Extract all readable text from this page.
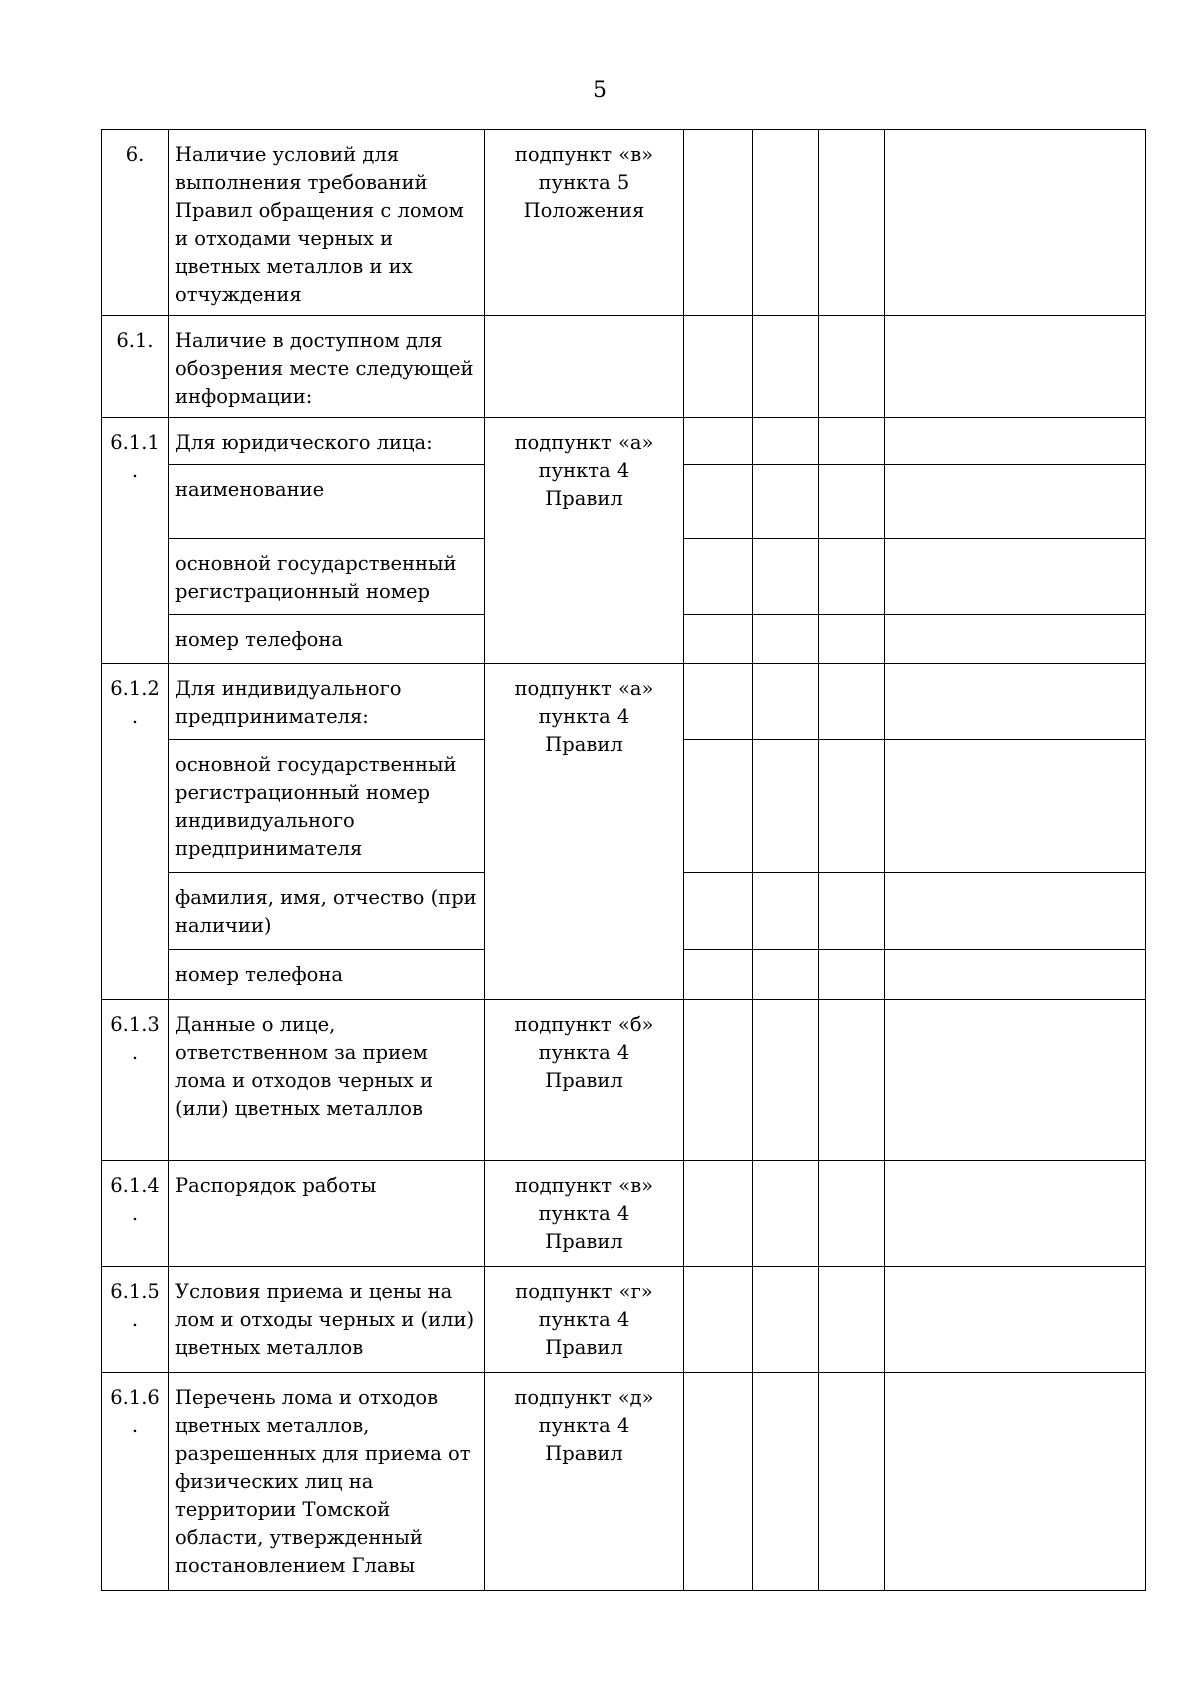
5
6.	Наличие условий для выполнения требований Правил обращения с ломом и отходами черных и цветных металлов и их отчуждения	подпункт «в»
пункта 5
Положения				

6.1.	Наличие в доступном для обозрения месте следующей информации:					
6.1.1.	Для юридического лица:	подпункт «а»
пункта 4
Правил				

	наименование					
	основной государственный регистрационный номер					
	номер телефона					
6.1.2.	Для индивидуального предпринимателя:	подпункт «а»
пункта 4
Правил				

	основной государственный регистрационный номер индивидуального предпринимателя					
	фамилия, имя, отчество (при наличии)					
	номер телефона					
6.1.3.	Данные о лице, ответственном за прием лома и отходов черных и (или) цветных металлов	подпункт «б»
пункта 4
Правил				

6.1.4.	Распорядок работы	подпункт «в»
пункта 4
Правил				

6.1.5.	Условия приема и цены на лом и отходы черных и (или) цветных металлов	подпункт «г»
пункта 4
Правил				

6.1.6.	Перечень лома и отходов цветных металлов, разрешенных для приема от физических лиц на территории Томской области, утвержденный постановлением Главы	подпункт «д»
пункта 4
Правил				
